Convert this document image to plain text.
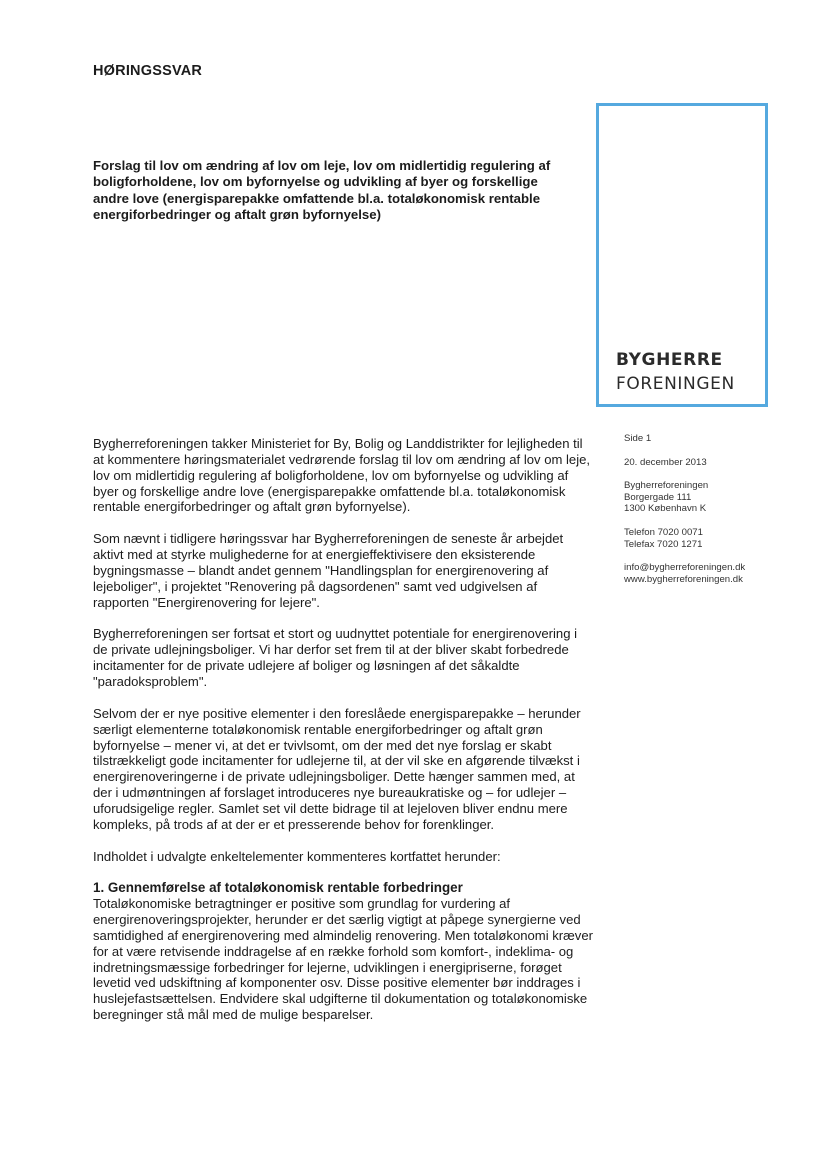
HØRINGSSVAR
Forslag til lov om ændring af lov om leje, lov om midlertidig regulering af boligforholdene, lov om byfornyelse og udvikling af byer og forskellige andre love (energisparepakke omfattende bl.a. totaløkonomisk rentable energiforbedringer og aftalt grøn byfornyelse)
BYGHERRE
FORENINGEN
Side 1
20. december 2013
Bygherreforeningen
Borgergade 111
1300 København K
Telefon 7020 0071
Telefax 7020 1271
info@bygherreforeningen.dk
www.bygherreforeningen.dk

Bygherreforeningen takker Ministeriet for By, Bolig og Landdistrikter for lejligheden til at kommentere høringsmaterialet vedrørende forslag til lov om ændring af lov om leje, lov om midlertidig regulering af boligforholdene, lov om byfornyelse og udvikling af byer og forskellige andre love (energisparepakke omfattende bl.a. totaløkonomisk rentable energiforbedringer og aftalt grøn byfornyelse).

Som nævnt i tidligere høringssvar har Bygherreforeningen de seneste år arbejdet aktivt med at styrke mulighederne for at energieffektivisere den eksisterende bygningsmasse – blandt andet gennem "Handlingsplan for energirenovering af lejeboliger", i projektet "Renovering på dagsordenen" samt ved udgivelsen af rapporten "Energirenovering for lejere".

Bygherreforeningen ser fortsat et stort og uudnyttet potentiale for energirenovering i de private udlejningsboliger. Vi har derfor set frem til at der bliver skabt forbedrede incitamenter for de private udlejere af boliger og løsningen af det såkaldte "paradoksproblem".

Selvom der er nye positive elementer i den foreslåede energisparepakke – herunder særligt elementerne totaløkonomisk rentable energiforbedringer og aftalt grøn byfornyelse – mener vi, at det er tvivlsomt, om der med det nye forslag er skabt tilstrækkeligt gode incitamenter for udlejerne til, at der vil ske en afgørende tilvækst i energirenoveringerne i de private udlejningsboliger. Dette hænger sammen med, at der i udmøntningen af forslaget introduceres nye bureaukratiske og – for udlejer – uforudsigelige regler. Samlet set vil dette bidrage til at lejeloven bliver endnu mere kompleks, på trods af at der er et presserende behov for forenklinger.

Indholdet i udvalgte enkeltelementer kommenteres kortfattet herunder:

1. Gennemførelse af totaløkonomisk rentable forbedringer

Totaløkonomiske betragtninger er positive som grundlag for vurdering af energirenoveringsprojekter, herunder er det særlig vigtigt at påpege synergierne ved samtidighed af energirenovering med almindelig renovering. Men totaløkonomi kræver for at være retvisende inddragelse af en række forhold som komfort-, indeklima- og indretningsmæssige forbedringer for lejerne, udviklingen i energipriserne, forøget levetid ved udskiftning af komponenter osv. Disse positive elementer bør inddrages i huslejefastsættelsen. Endvidere skal udgifterne til dokumentation og totaløkonomiske beregninger stå mål med de mulige besparelser.
